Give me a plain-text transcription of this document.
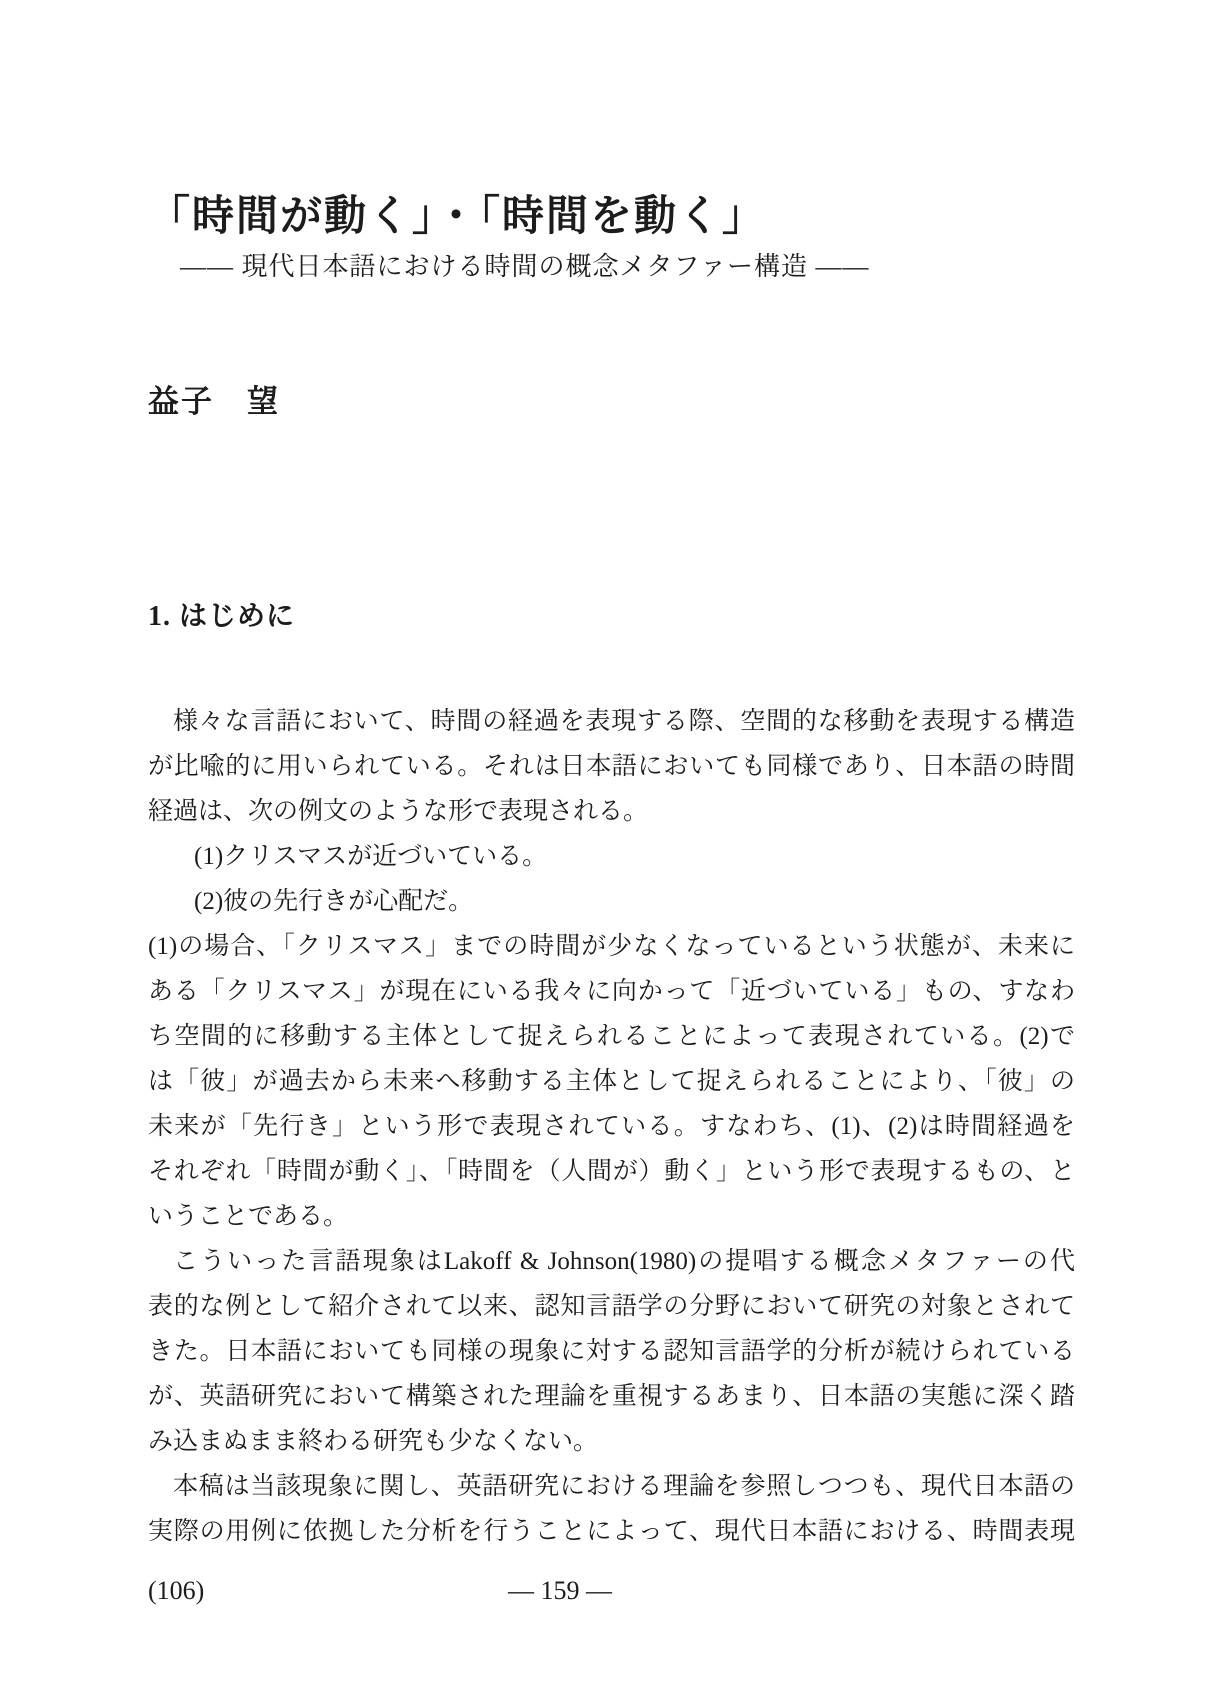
「時間が動く」・「時間を動く」
―― 現代日本語における時間の概念メタファー構造 ――
益子　望
1. はじめに
様々な言語において、時間の経過を表現する際、空間的な移動を表現する構造
が比喩的に用いられている。それは日本語においても同様であり、日本語の時間
経過は、次の例文のような形で表現される。
(1)クリスマスが近づいている。
(2)彼の先行きが心配だ。
(1)の場合、「クリスマス」までの時間が少なくなっているという状態が、未来に
ある「クリスマス」が現在にいる我々に向かって「近づいている」もの、すなわ
ち空間的に移動する主体として捉えられることによって表現されている。(2)で
は「彼」が過去から未来へ移動する主体として捉えられることにより、「彼」の
未来が「先行き」という形で表現されている。すなわち、(1)、(2)は時間経過を
それぞれ「時間が動く」、「時間を（人間が）動く」という形で表現するもの、と
いうことである。
こういった言語現象はLakoff & Johnson(1980)の提唱する概念メタファーの代
表的な例として紹介されて以来、認知言語学の分野において研究の対象とされて
きた。日本語においても同様の現象に対する認知言語学的分析が続けられている
が、英語研究において構築された理論を重視するあまり、日本語の実態に深く踏
み込まぬまま終わる研究も少なくない。
本稿は当該現象に関し、英語研究における理論を参照しつつも、現代日本語の
実際の用例に依拠した分析を行うことによって、現代日本語における、時間表現
(106)	― 159 ―
